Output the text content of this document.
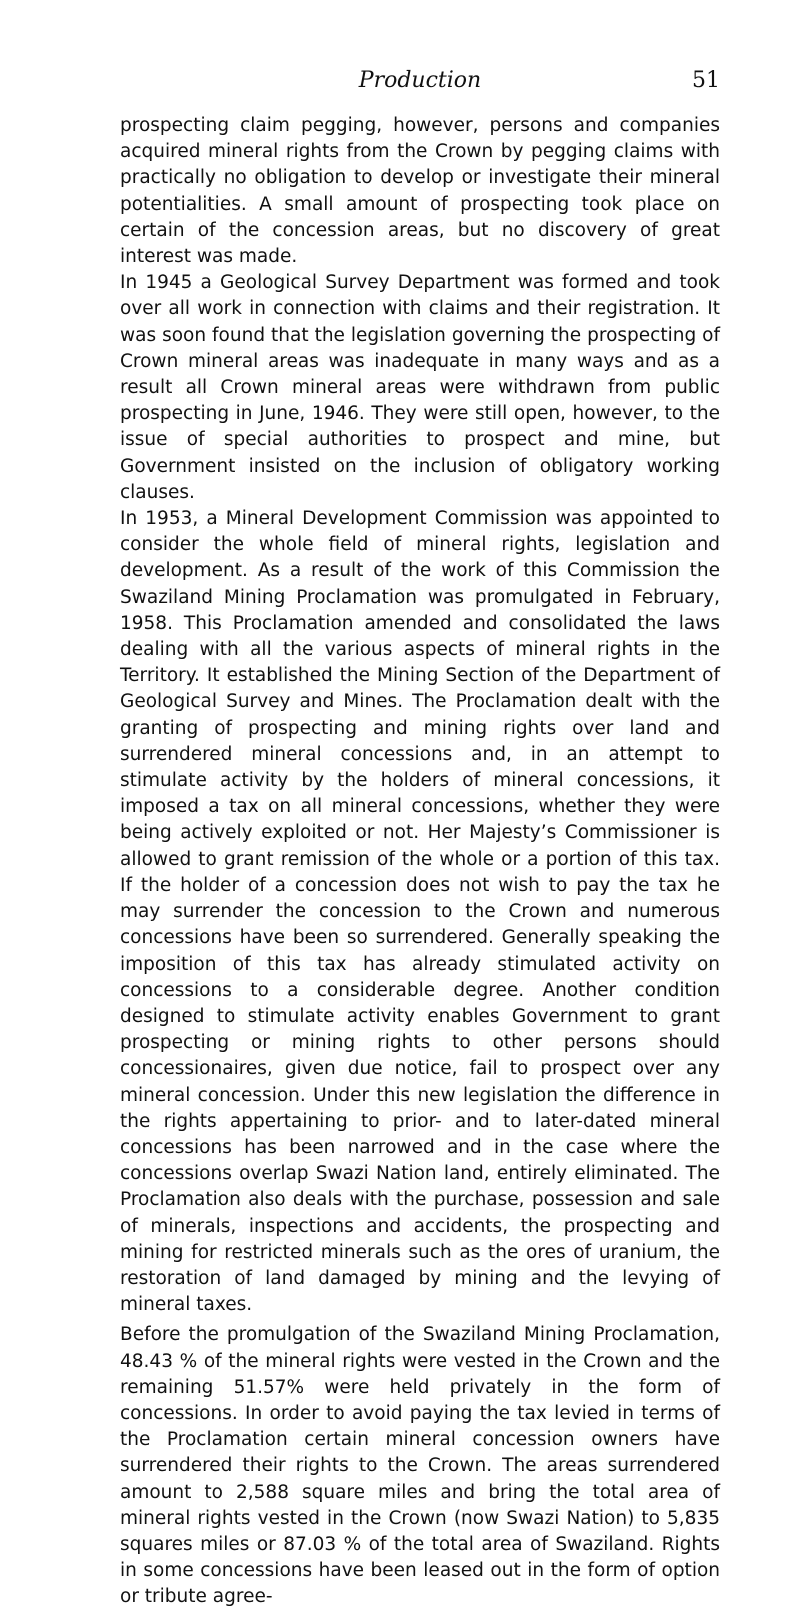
Production	51

prospecting claim pegging, however, persons and companies acquired mineral rights from the Crown by pegging claims with practically no obligation to develop or investigate their mineral potentialities. A small amount of prospecting took place on certain of the concession areas, but no discovery of great interest was made.

In 1945 a Geological Survey Department was formed and took over all work in connection with claims and their registration. It was soon found that the legislation governing the prospecting of Crown mineral areas was inadequate in many ways and as a result all Crown mineral areas were withdrawn from public prospecting in June, 1946. They were still open, however, to the issue of special authorities to prospect and mine, but Government insisted on the inclusion of obligatory working clauses.

In 1953, a Mineral Development Commission was appointed to consider the whole field of mineral rights, legislation and development. As a result of the work of this Commission the Swaziland Mining Proclamation was promulgated in February, 1958. This Proclamation amended and consolidated the laws dealing with all the various aspects of mineral rights in the Territory. It established the Mining Section of the Department of Geological Survey and Mines. The Proclamation dealt with the granting of prospecting and mining rights over land and surrendered mineral concessions and, in an attempt to stimulate activity by the holders of mineral concessions, it imposed a tax on all mineral concessions, whether they were being actively exploited or not. Her Majesty’s Commissioner is allowed to grant remission of the whole or a portion of this tax. If the holder of a concession does not wish to pay the tax he may surrender the concession to the Crown and numerous concessions have been so surrendered. Generally speaking the imposition of this tax has already stimulated activity on concessions to a considerable degree. Another condition designed to stimulate activity enables Government to grant prospecting or mining rights to other persons should concessionaires, given due notice, fail to prospect over any mineral concession. Under this new legislation the difference in the rights appertaining to prior- and to later-dated mineral concessions has been narrowed and in the case where the concessions overlap Swazi Nation land, entirely eliminated. The Proclamation also deals with the purchase, possession and sale of minerals, inspections and accidents, the prospecting and mining for restricted minerals such as the ores of uranium, the restoration of land damaged by mining and the levying of mineral taxes.

Before the promulgation of the Swaziland Mining Proclamation, 48.43 % of the mineral rights were vested in the Crown and the remaining 51.57% were held privately in the form of concessions. In order to avoid paying the tax levied in terms of the Proclamation certain mineral concession owners have surrendered their rights to the Crown. The areas surrendered amount to 2,588 square miles and bring the total area of mineral rights vested in the Crown (now Swazi Nation) to 5,835 squares miles or 87.03 % of the total area of Swaziland. Rights in some concessions have been leased out in the form of option or tribute agree-
